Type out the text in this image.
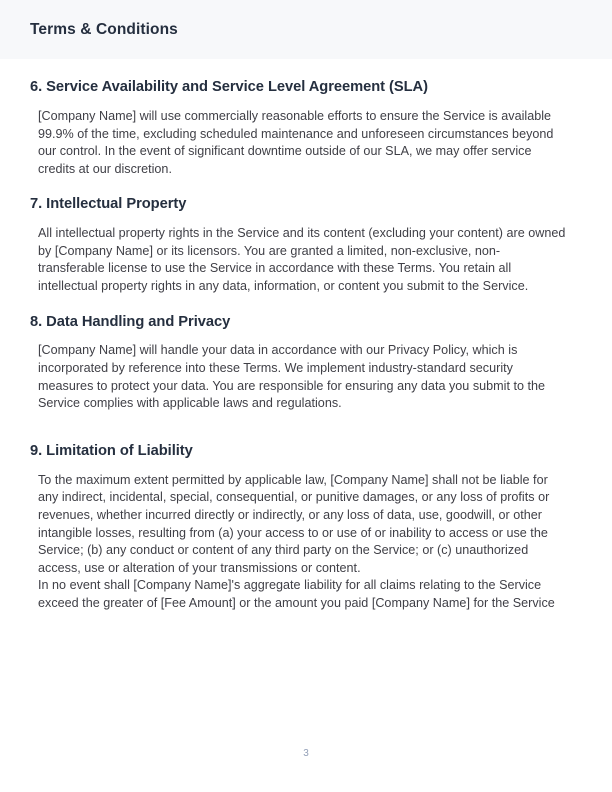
Terms & Conditions
6. Service Availability and Service Level Agreement (SLA)

[Company Name] will use commercially reasonable efforts to ensure the Service is available 99.9% of the time, excluding scheduled maintenance and unforeseen circumstances beyond our control. In the event of significant downtime outside of our SLA, we may offer service credits at our discretion.

7. Intellectual Property

All intellectual property rights in the Service and its content (excluding your content) are owned by [Company Name] or its licensors. You are granted a limited, non-exclusive, non-transferable license to use the Service in accordance with these Terms. You retain all intellectual property rights in any data, information, or content you submit to the Service.

8. Data Handling and Privacy

[Company Name] will handle your data in accordance with our Privacy Policy, which is incorporated by reference into these Terms. We implement industry-standard security measures to protect your data. You are responsible for ensuring any data you submit to the Service complies with applicable laws and regulations.

9. Limitation of Liability

To the maximum extent permitted by applicable law, [Company Name] shall not be liable for any indirect, incidental, special, consequential, or punitive damages, or any loss of profits or revenues, whether incurred directly or indirectly, or any loss of data, use, goodwill, or other intangible losses, resulting from (a) your access to or use of or inability to access or use the Service; (b) any conduct or content of any third party on the Service; or (c) unauthorized access, use or alteration of your transmissions or content.

In no event shall [Company Name]'s aggregate liability for all claims relating to the Service exceed the greater of [Fee Amount] or the amount you paid [Company Name] for the Service

3
